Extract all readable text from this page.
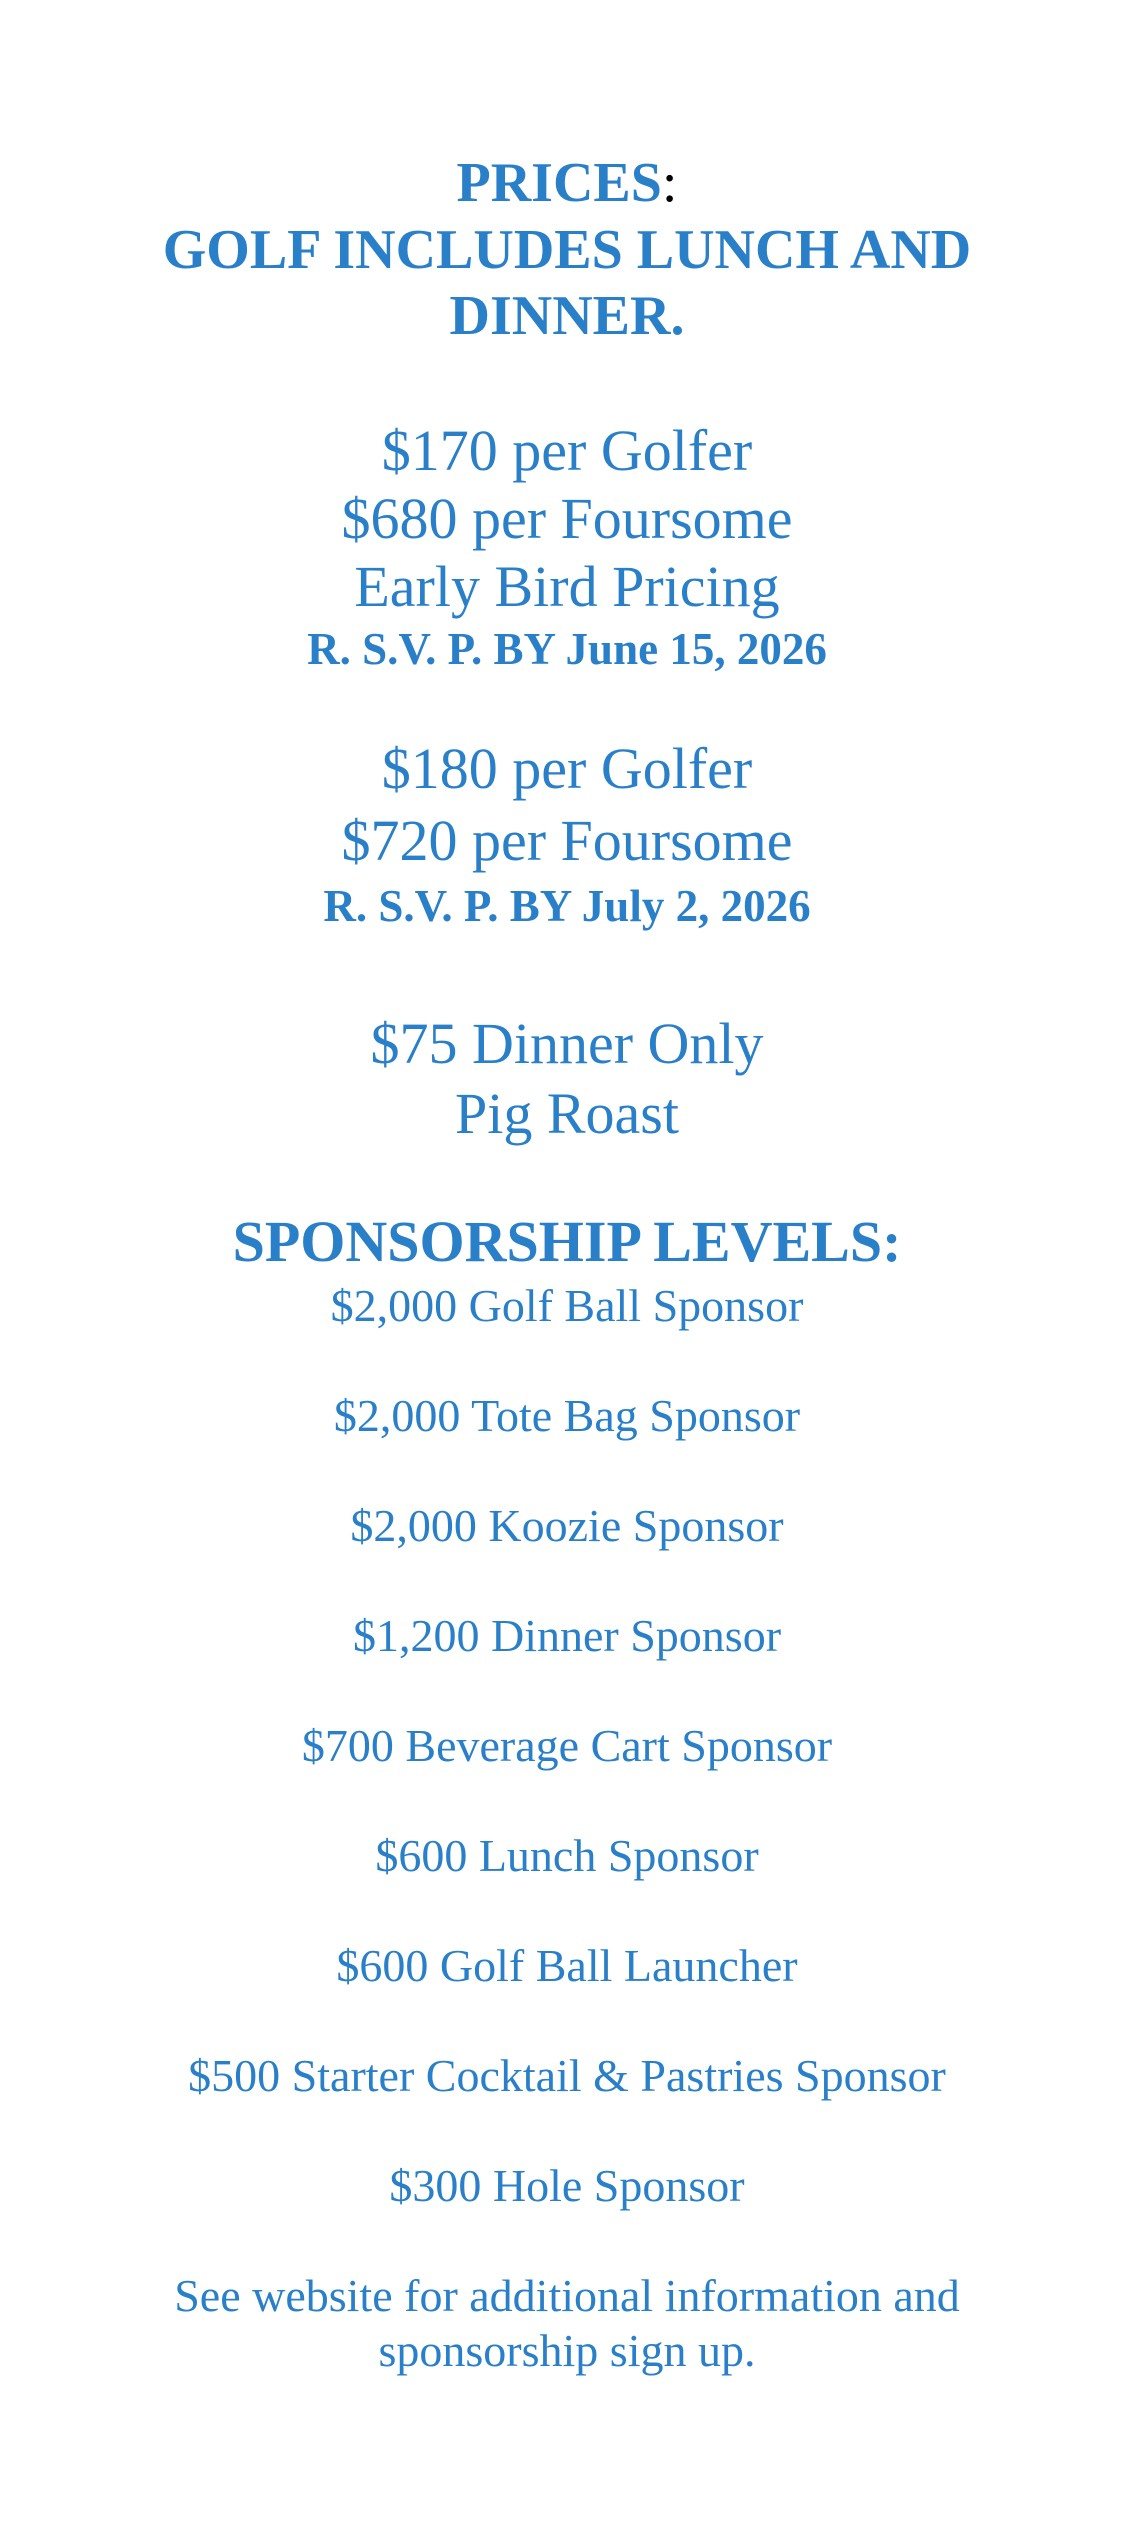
PRICES:
GOLF INCLUDES LUNCH AND
DINNER.
$170 per Golfer
$680 per Foursome
Early Bird Pricing
R. S.V. P. BY June 15, 2026
$180 per Golfer
$720 per Foursome
R. S.V. P. BY July 2, 2026
$75 Dinner Only
Pig Roast
SPONSORSHIP LEVELS:
$2,000 Golf Ball Sponsor
$2,000 Tote Bag Sponsor
$2,000 Koozie Sponsor
$1,200 Dinner Sponsor
$700 Beverage Cart Sponsor
$600 Lunch Sponsor
$600 Golf Ball Launcher
$500 Starter Cocktail & Pastries Sponsor
$300 Hole Sponsor
See website for additional information and
sponsorship sign up.
